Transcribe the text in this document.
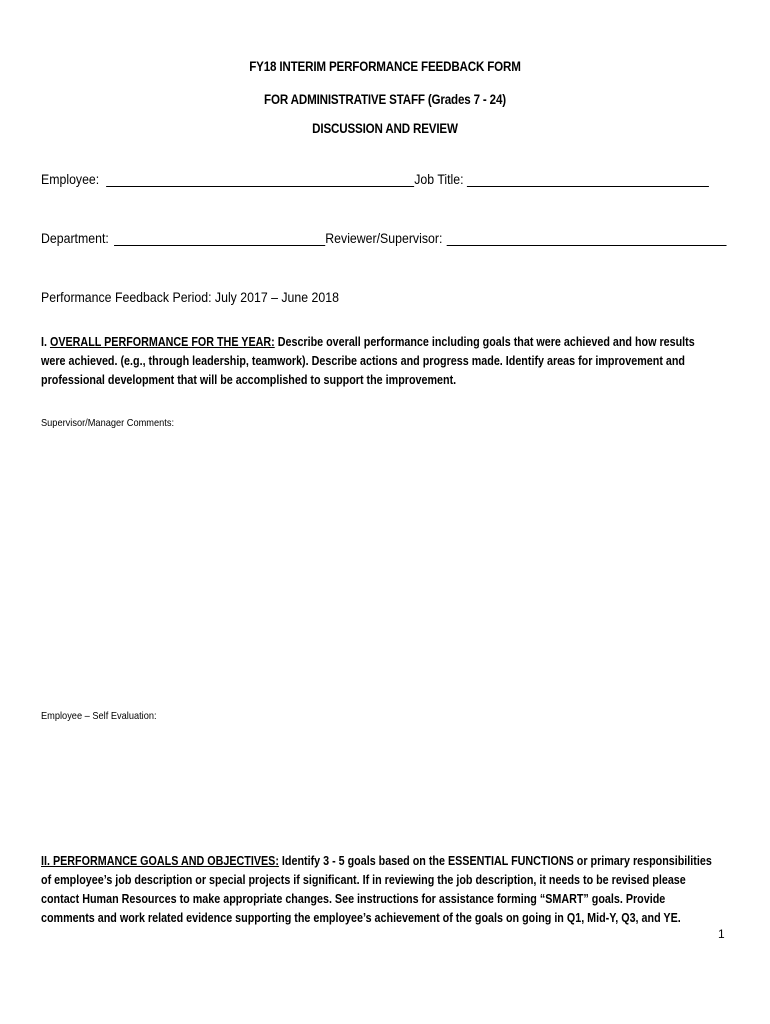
FY18 INTERIM PERFORMANCE FEEDBACK FORM
FOR ADMINISTRATIVE STAFF (Grades 7 - 24)
DISCUSSION AND REVIEW
Employee:	Job Title:
Department:	Reviewer/Supervisor:
Performance Feedback Period: July 2017 – June 2018
I. OVERALL PERFORMANCE FOR THE YEAR: Describe overall performance including goals that were achieved and how results were achieved. (e.g., through leadership, teamwork). Describe actions and progress made. Identify areas for improvement and professional development that will be accomplished to support the improvement.
Supervisor/Manager Comments:
Employee – Self Evaluation:
II. PERFORMANCE GOALS AND OBJECTIVES: Identify 3 - 5 goals based on the ESSENTIAL FUNCTIONS or primary responsibilities of employee’s job description or special projects if significant. If in reviewing the job description, it needs to be revised please contact Human Resources to make appropriate changes. See instructions for assistance forming “SMART” goals. Provide comments and work related evidence supporting the employee’s achievement of the goals on going in Q1, Mid-Y, Q3, and YE.
1
